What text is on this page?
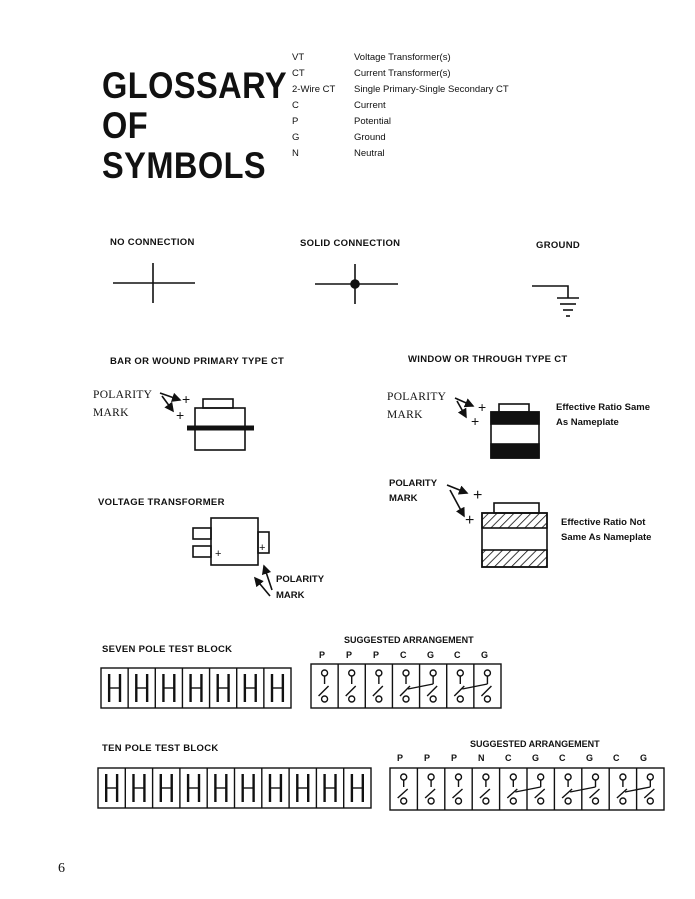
GLOSSARY
OF
SYMBOLS
VT	Voltage Transformer(s)
CT	Current Transformer(s)
2-Wire CT	Single Primary-Single Secondary CT
C	Current
P	Potential
G	Ground
N	Neutral
NO CONNECTION	SOLID CONNECTION	GROUND
BAR OR WOUND PRIMARY TYPE CT	WINDOW OR THROUGH TYPE CT
POLARITY
MARK
POLARITY
MARK
Effective Ratio Same
As Nameplate
POLARITY
MARK
Effective Ratio Not
Same As Nameplate
VOLTAGE TRANSFORMER
POLARITY
MARK
SEVEN POLE TEST BLOCK
SUGGESTED ARRANGEMENT
TEN POLE TEST BLOCK	SUGGESTED ARRANGEMENT
P P P C G C G
P P P N C G C G C G
6
+
+	+
+
+
+
+	+
